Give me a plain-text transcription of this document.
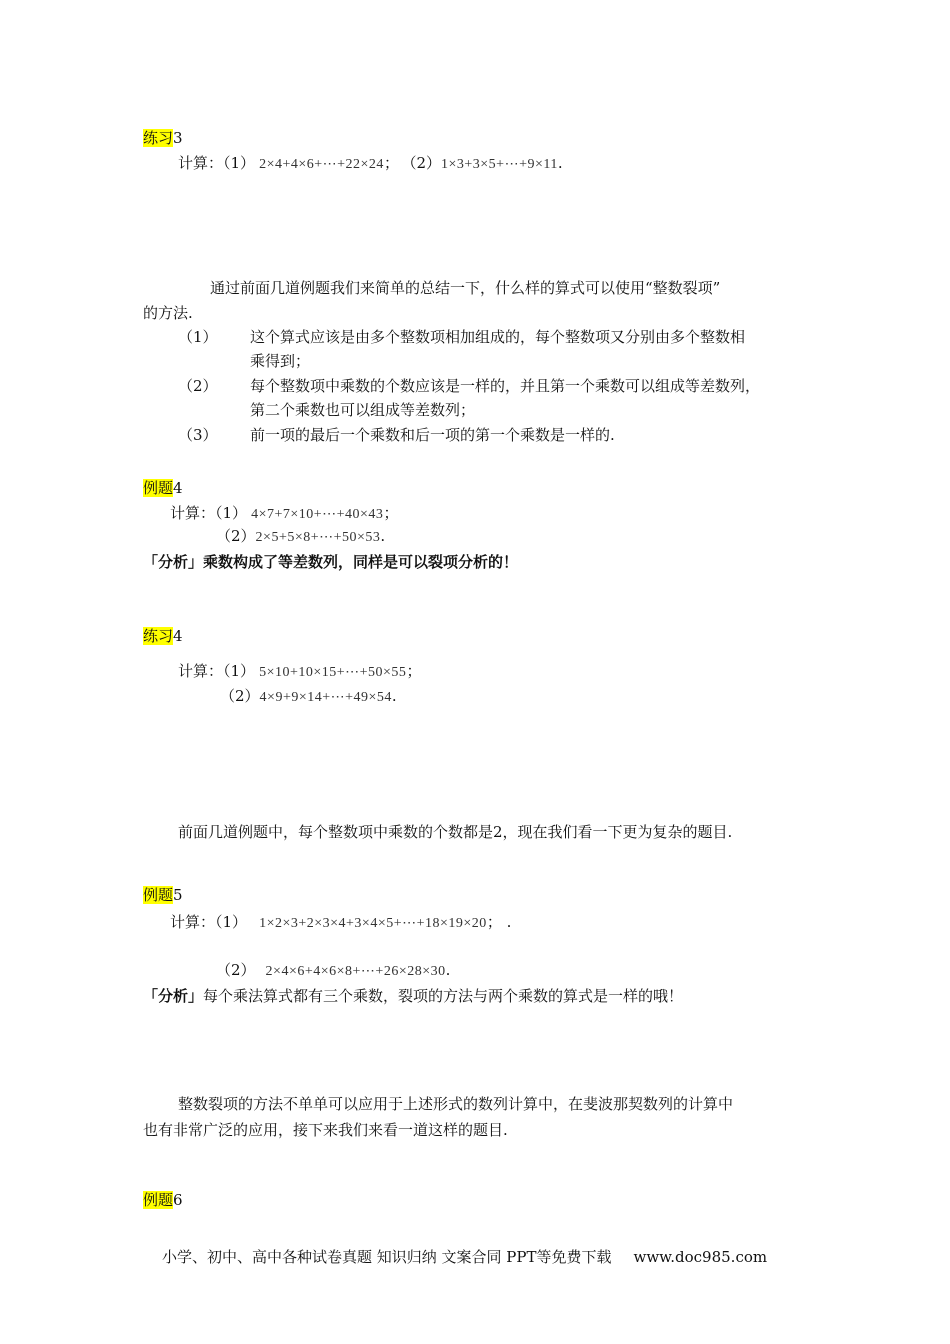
练习3
计算：（1） 2×4+4×6+⋯+22×24； （2）1×3+3×5+⋯+9×11.
通过前面几道例题我们来简单的总结一下，什么样的算式可以使用“整数裂项”
的方法.
（1） 这个算式应该是由多个整数项相加组成的，每个整数项又分别由多个整数相
乘得到；
（2） 每个整数项中乘数的个数应该是一样的，并且第一个乘数可以组成等差数列，
第二个乘数也可以组成等差数列；
（3） 前一项的最后一个乘数和后一项的第一个乘数是一样的.
例题4
计算：（1） 4×7+7×10+⋯+40×43；
（2）2×5+5×8+⋯+50×53.
「分析」乘数构成了等差数列，同样是可以裂项分析的！
练习4
计算：（1） 5×10+10×15+⋯+50×55；
（2）4×9+9×14+⋯+49×54.
前面几道例题中，每个整数项中乘数的个数都是2，现在我们看一下更为复杂的题目.
例题5
计算：（1） 1×2×3+2×3×4+3×4×5+⋯+18×19×20； .
（2） 2×4×6+4×6×8+⋯+26×28×30.
「分析」每个乘法算式都有三个乘数，裂项的方法与两个乘数的算式是一样的哦！
整数裂项的方法不单单可以应用于上述形式的数列计算中，在斐波那契数列的计算中
也有非常广泛的应用，接下来我们来看一道这样的题目.
例题6
小学、初中、高中各种试卷真题 知识归纳 文案合同 PPT等免费下载 www.doc985.com
